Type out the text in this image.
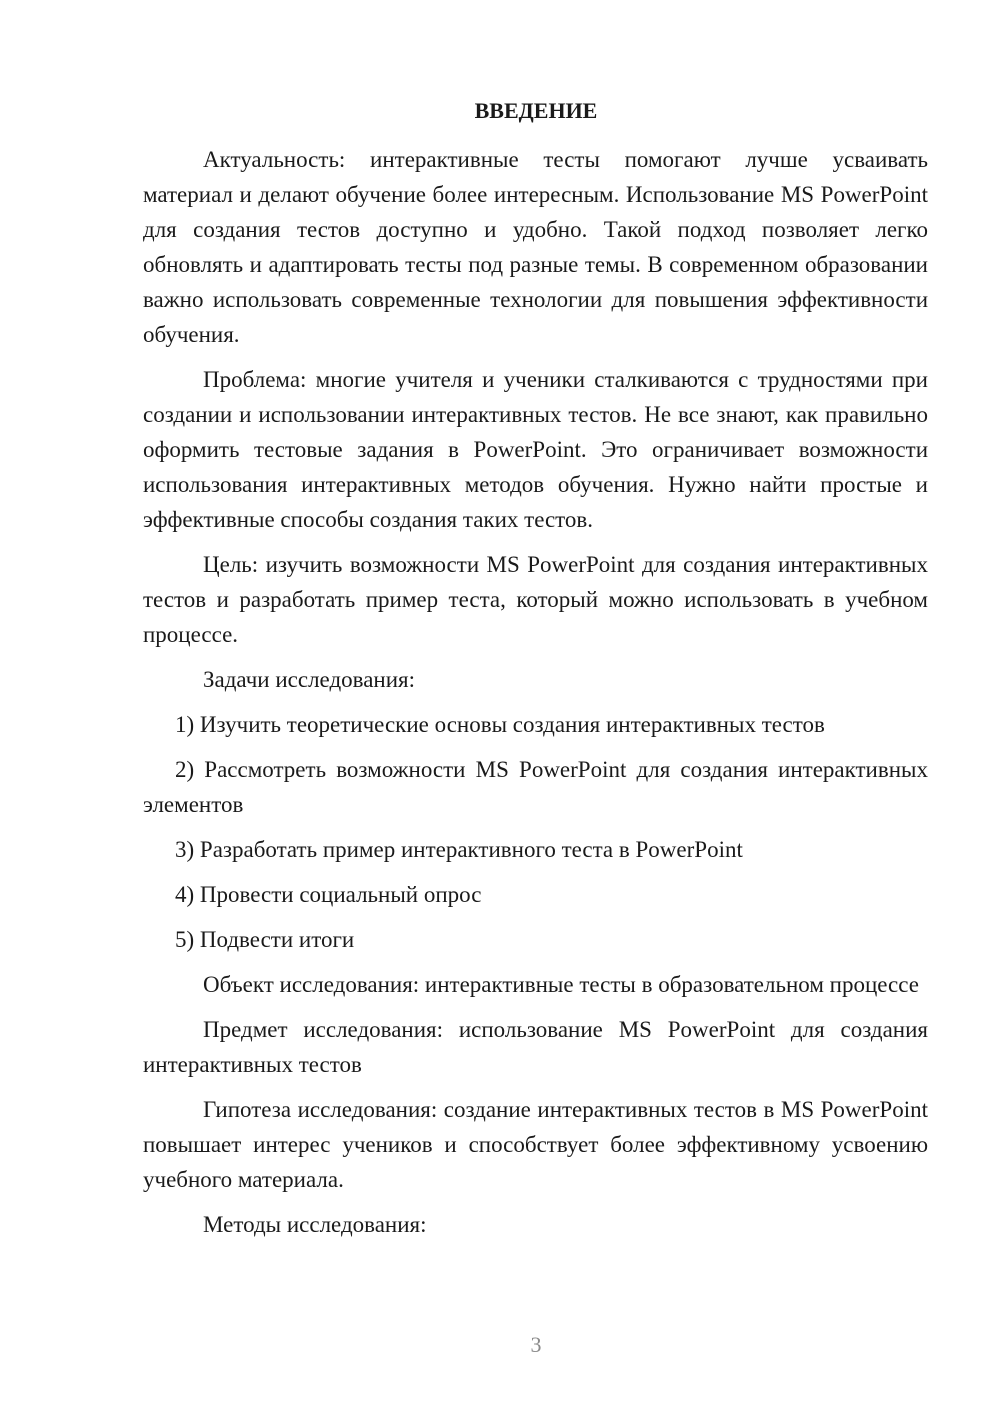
ВВЕДЕНИЕ

Актуальность: интерактивные тесты помогают лучше усваивать материал и делают обучение более интересным. Использование MS PowerPoint для создания тестов доступно и удобно. Такой подход позволяет легко обновлять и адаптировать тесты под разные темы. В современном образовании важно использовать современные технологии для повышения эффективности обучения.

Проблема: многие учителя и ученики сталкиваются с трудностями при создании и использовании интерактивных тестов. Не все знают, как правильно оформить тестовые задания в PowerPoint. Это ограничивает возможности использования интерактивных методов обучения. Нужно найти простые и эффективные способы создания таких тестов.

Цель: изучить возможности MS PowerPoint для создания интерактивных тестов и разработать пример теста, который можно использовать в учебном процессе.

Задачи исследования:

1) Изучить теоретические основы создания интерактивных тестов

2) Рассмотреть возможности MS PowerPoint для создания интерактивных элементов

3) Разработать пример интерактивного теста в PowerPoint

4) Провести социальный опрос

5) Подвести итоги

Объект исследования: интерактивные тесты в образовательном процессе

Предмет исследования: использование MS PowerPoint для создания интерактивных тестов

Гипотеза исследования: создание интерактивных тестов в MS PowerPoint повышает интерес учеников и способствует более эффективному усвоению учебного материала.

Методы исследования:

3
